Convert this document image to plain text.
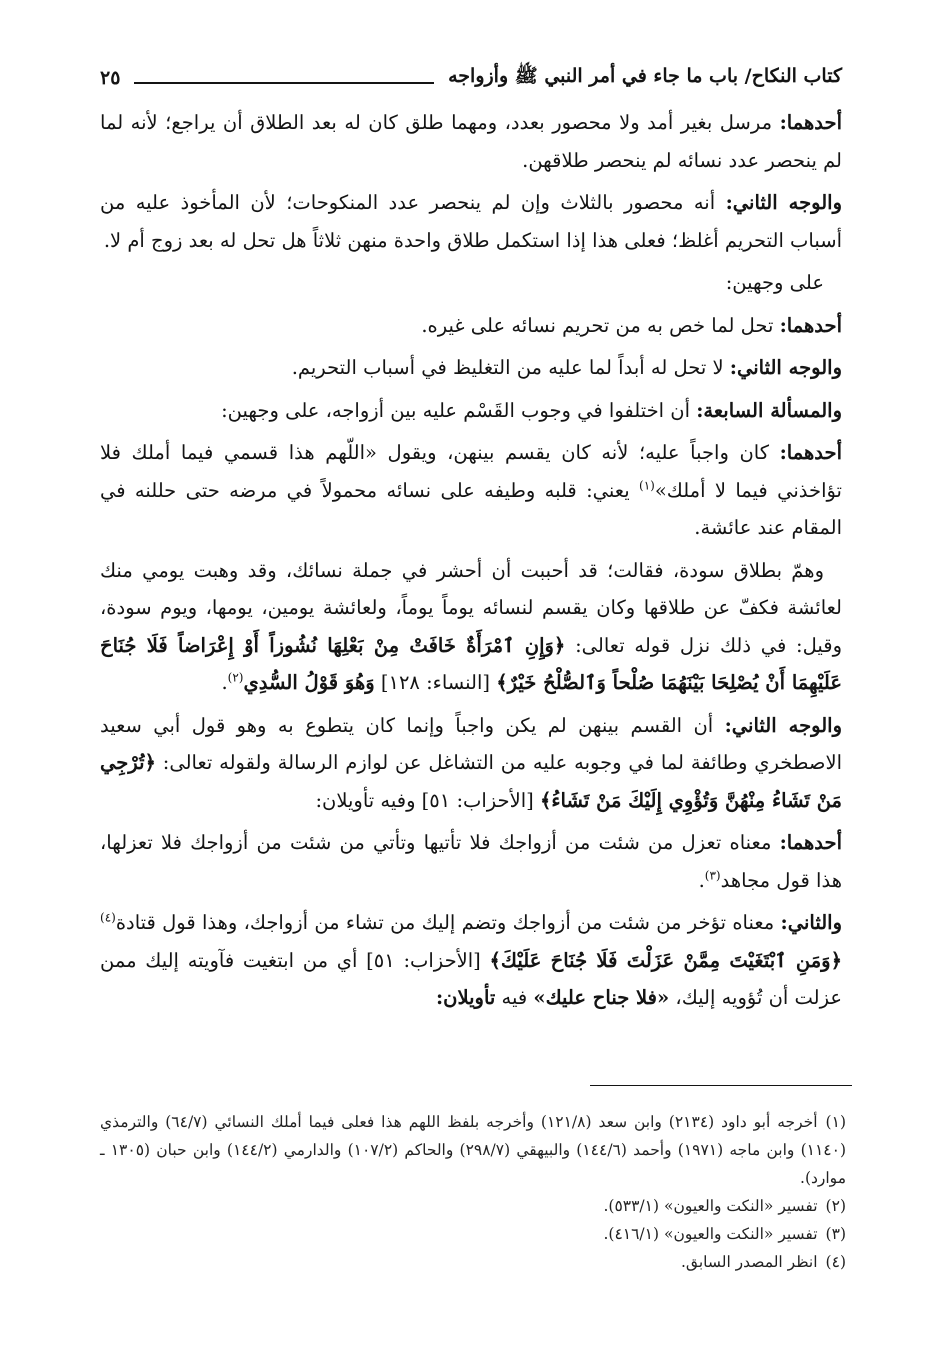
كتاب النكاح/ باب ما جاء في أمر النبي ﷺ وأزواجه
٢٥

أحدهما: مرسل بغير أمد ولا محصور بعدد، ومهما طلق كان له بعد الطلاق أن يراجع؛ لأنه لما لم ينحصر عدد نسائه لم ينحصر طلاقهن.

والوجه الثاني: أنه محصور بالثلاث وإن لم ينحصر عدد المنكوحات؛ لأن المأخوذ عليه من أسباب التحريم أغلظ؛ فعلى هذا إذا استكمل طلاق واحدة منهن ثلاثاً هل تحل له بعد زوج أم لا.

على وجهين:

أحدهما: تحل لما خص به من تحريم نسائه على غيره.

والوجه الثاني: لا تحل له أبداً لما عليه من التغليظ في أسباب التحريم.

والمسألة السابعة: أن اختلفوا في وجوب القَسْم عليه بين أزواجه، على وجهين:

أحدهما: كان واجباً عليه؛ لأنه كان يقسم بينهن، ويقول «اللّهم هذا قسمي فيما أملك فلا تؤاخذني فيما لا أملك»$^{(١)}$ يعني: قلبه وطيفه على نسائه محمولاً في مرضه حتى حللنه في المقام عند عائشة.

وهمّ بطلاق سودة، فقالت؛ قد أحببت أن أحشر في جملة نسائك، وقد وهبت يومي منك لعائشة فكفّ عن طلاقها وكان يقسم لنسائه يوماً يوماً، ولعائشة يومين، يومها، ويوم سودة، وقيل: في ذلك نزل قوله تعالى: ﴿وَإِنِ ٱمْرَأَةٌ خَافَتْ مِنْ بَعْلِهَا نُشُوزاً أَوْ إِعْرَاضاً فَلَا جُنَاحَ عَلَيْهِمَا أَنْ يُصْلِحَا بَيْنَهُمَا صُلْحاً وَٱلصُّلْحُ خَيْرٌ﴾ [النساء: ١٢٨] وَهُوَ قَوْلُ السُّدِي$^{(٢)}$.

والوجه الثاني: أن القسم بينهن لم يكن واجباً وإنما كان يتطوع به وهو قول أبي سعيد الاصطخري وطائفة لما في وجوبه عليه من التشاغل عن لوازم الرسالة ولقوله تعالى: ﴿تُرْجِي مَنْ تَشَاءُ مِنْهُنَّ وَتُؤْوِي إِلَيْكَ مَنْ تَشَاءُ﴾ [الأحزاب: ٥١] وفيه تأويلان:

أحدهما: معناه تعزل من شئت من أزواجك فلا تأتيها وتأتي من شئت من أزواجك فلا تعزلها، هذا قول مجاهد$^{(٣)}$.

والثاني: معناه تؤخر من شئت من أزواجك وتضم إليك من تشاء من أزواجك، وهذا قول قتادة$^{(٤)}$ ﴿وَمَنِ ٱبْتَغَيْتَ مِمَّنْ عَزَلْتَ فَلَا جُنَاحَ عَلَيْكَ﴾ [الأحزاب: ٥١] أي من ابتغيت فآويته إليك ممن عزلت أن تُؤويه إليك، «فلا جناح عليك» فيه تأويلان:

(١)أخرجه أبو داود (٢١٣٤) وابن سعد (١٢١/٨) وأخرجه بلفظ اللهم هذا فعلى فيما أملك النسائي (٦٤/٧) والترمذي (١١٤٠) وابن ماجه (١٩٧١) وأحمد (١٤٤/٦) والبيهقي (٢٩٨/٧) والحاكم (١٠٧/٢) والدارمي (١٤٤/٢) وابن حبان (١٣٠٥ ـ موارد).

(٢)تفسير «النكت والعيون» (٥٣٣/١).

(٣)تفسير «النكت والعيون» (٤١٦/١).

(٤)انظر المصدر السابق.
